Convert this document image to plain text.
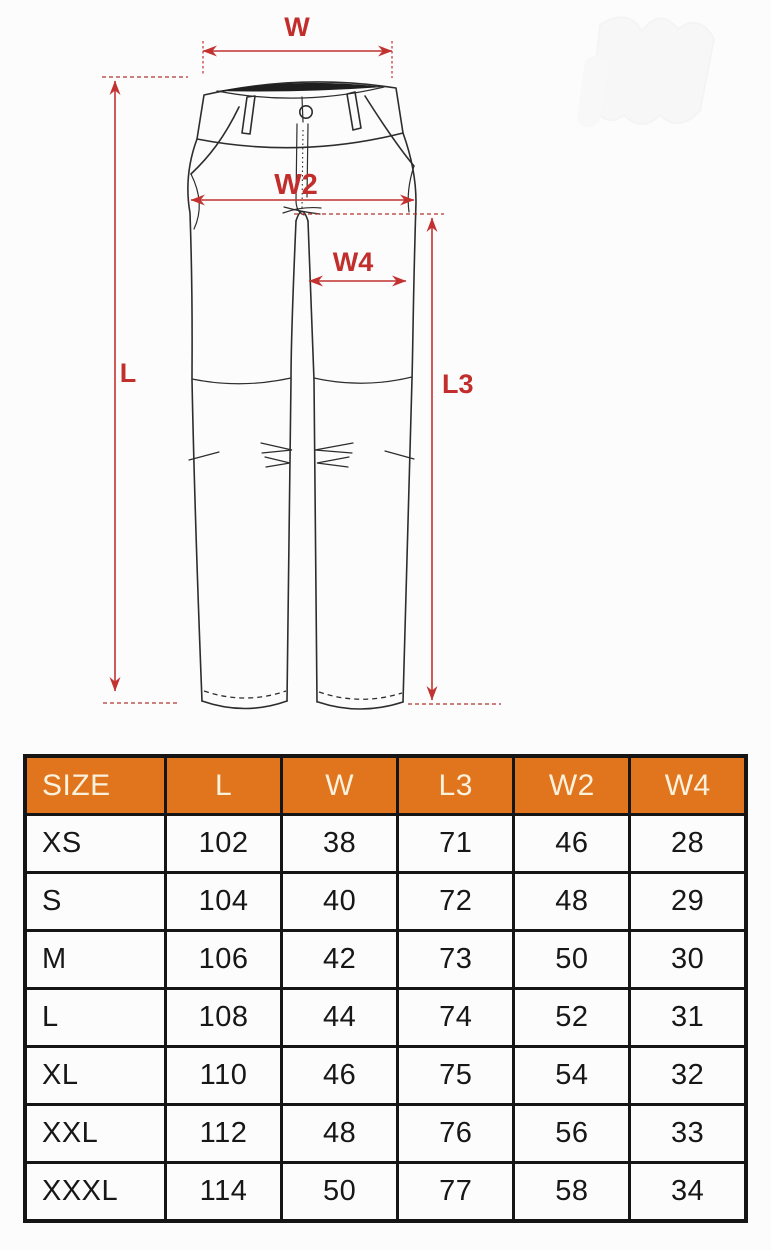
W
W2
W4
L	L3
SIZE	L	W	L3	W2	W4
XS	102	38	71	46	28
S	104	40	72	48	29
M	106	42	73	50	30
L	108	44	74	52	31
XL	110	46	75	54	32
XXL	112	48	76	56	33
XXXL	114	50	77	58	34
